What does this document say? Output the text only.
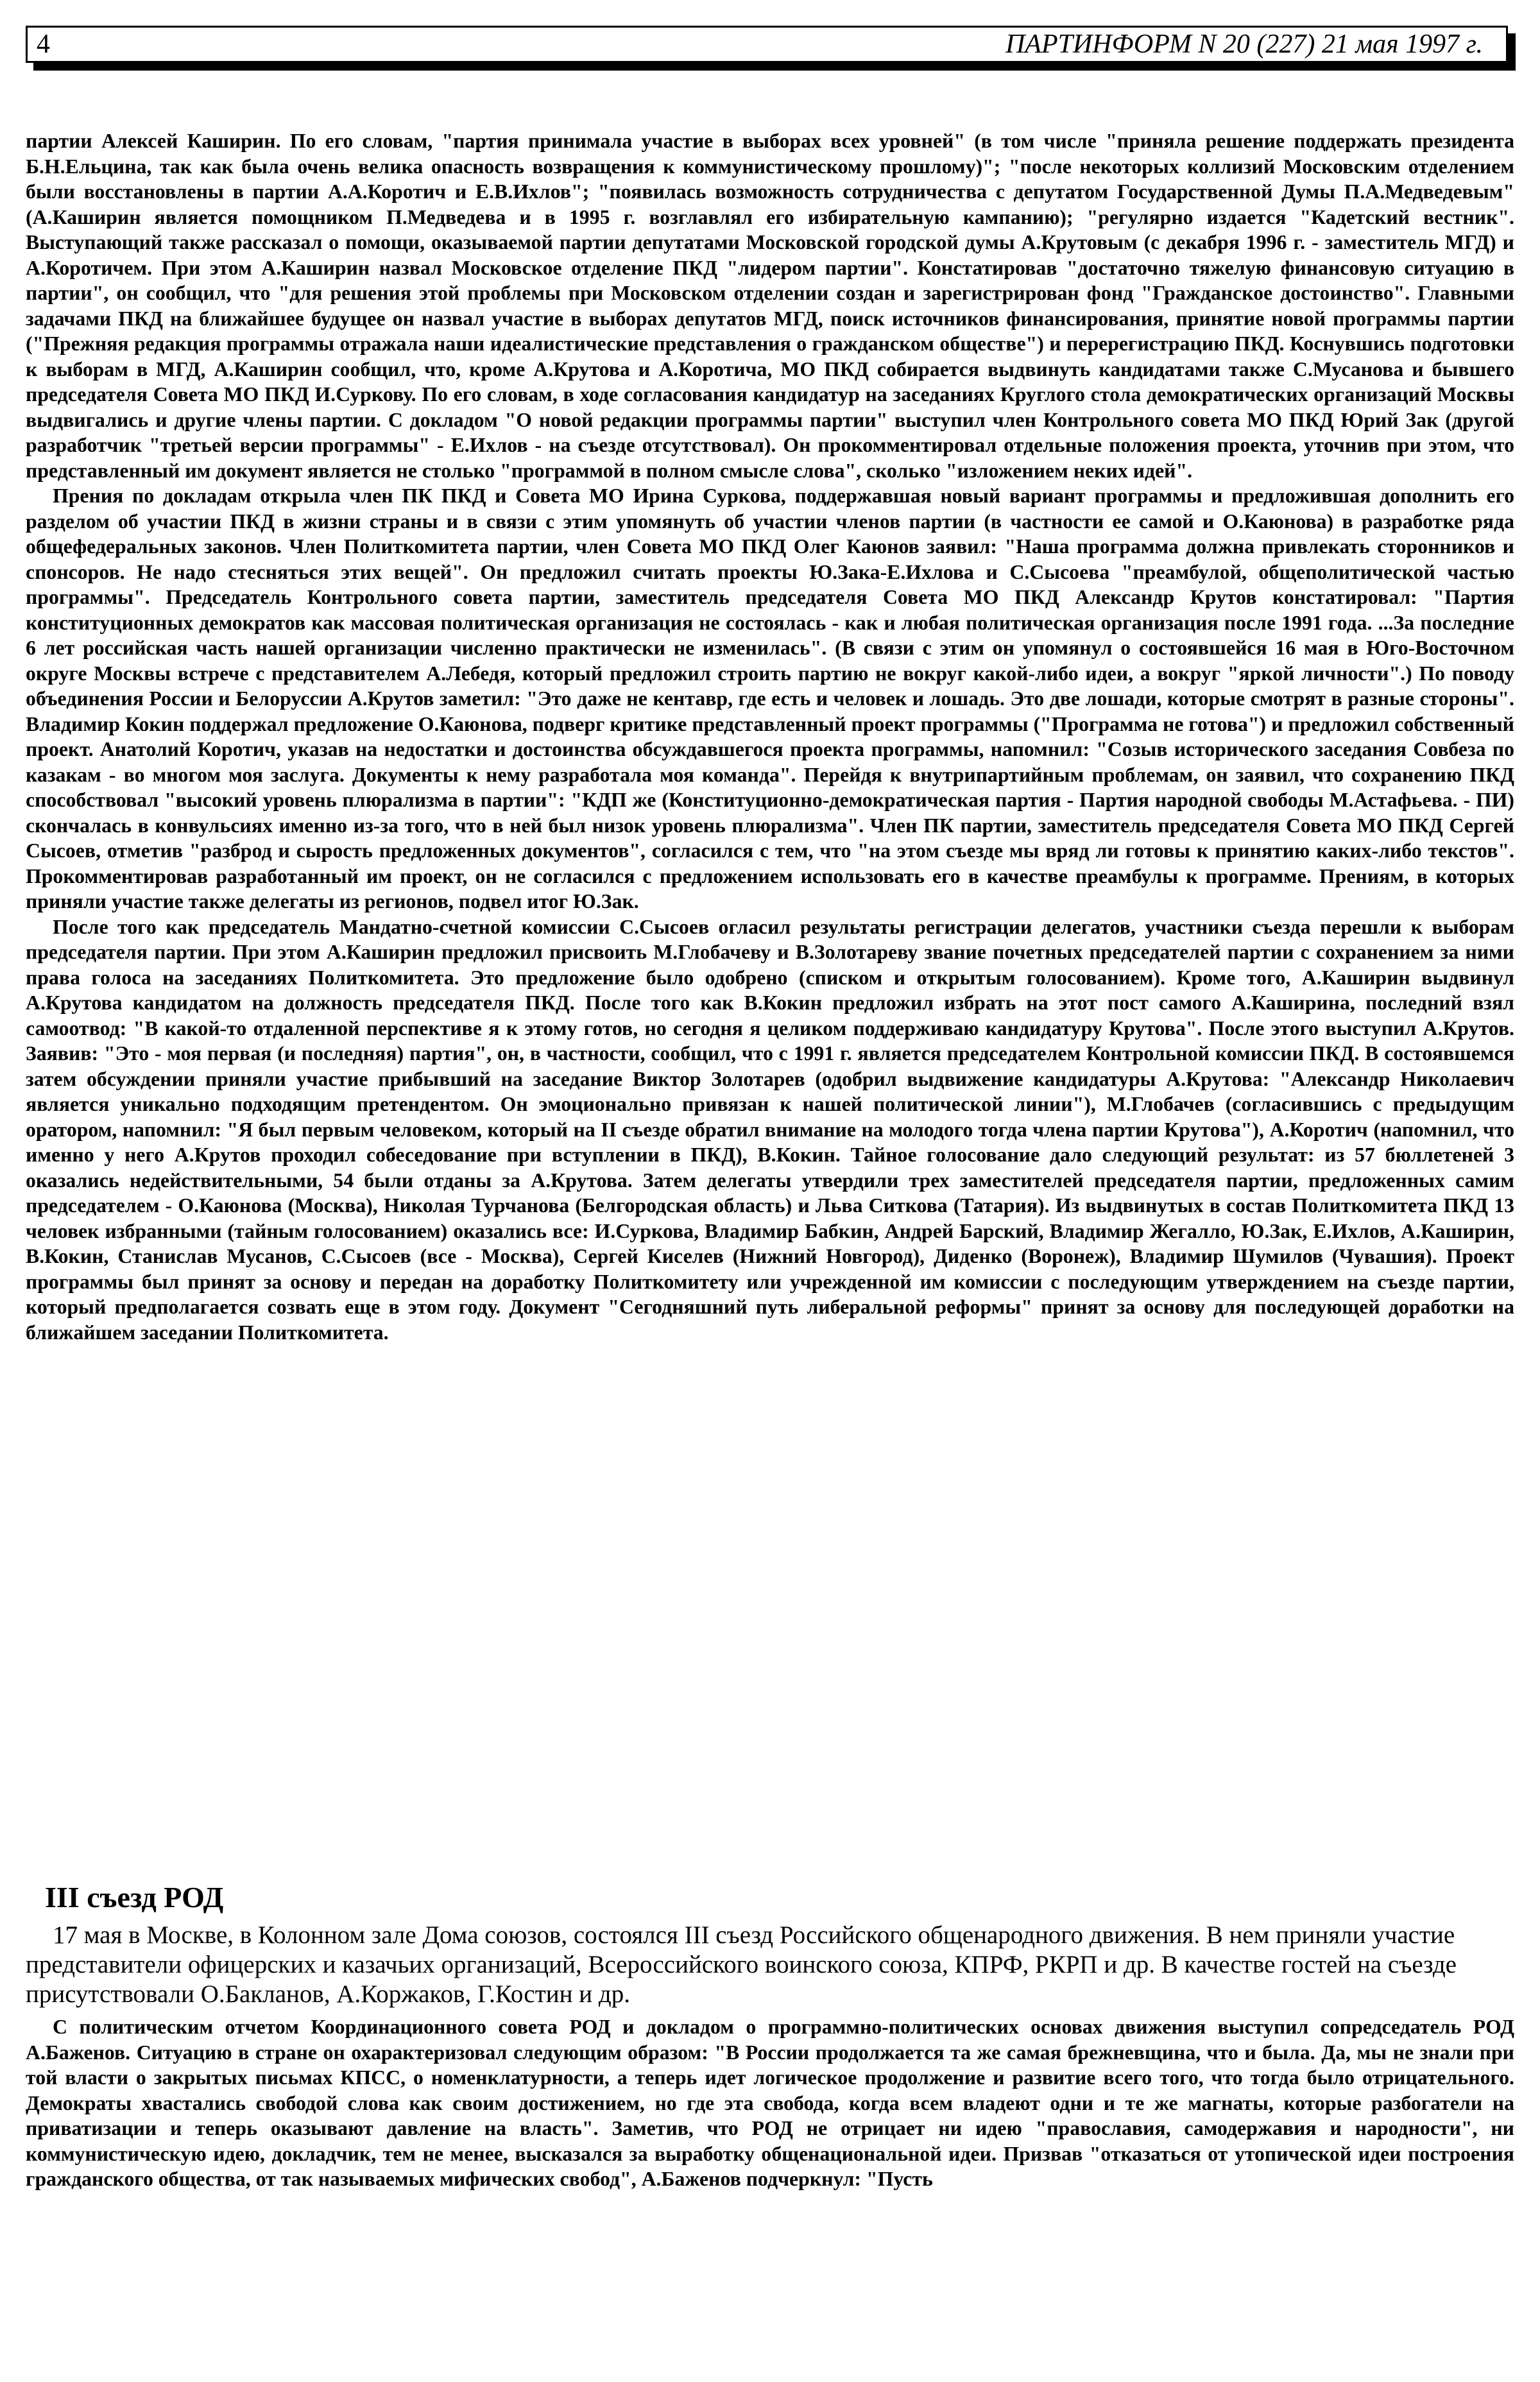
4	ПАРТИНФОРМ N 20 (227) 21 мая 1997 г.

партии Алексей Каширин. По его словам, "партия принимала участие в выборах всех уровней" (в том числе "приняла решение поддержать президента Б.Н.Ельцина, так как была очень велика опасность возвращения к коммунистическому прошлому)"; "после некоторых коллизий Московским отделением были восстановлены в партии А.А.Коротич и Е.В.Ихлов"; "появилась возможность сотрудничества с депутатом Государственной Думы П.А.Медведевым" (А.Каширин является помощником П.Медведева и в 1995 г. возглавлял его избирательную кампанию); "регулярно издается "Кадетский вестник". Выступающий также рассказал о помощи, оказываемой партии депутатами Московской городской думы А.Крутовым (с декабря 1996 г. - заместитель МГД) и А.Коротичем. При этом А.Каширин назвал Московское отделение ПКД "лидером партии". Констатировав "достаточно тяжелую финансовую ситуацию в партии", он сообщил, что "для решения этой проблемы при Московском отделении создан и зарегистрирован фонд "Гражданское достоинство". Главными задачами ПКД на ближайшее будущее он назвал участие в выборах депутатов МГД, поиск источников финансирования, принятие новой программы партии ("Прежняя редакция программы отражала наши идеалистические представления о гражданском обществе") и перерегистрацию ПКД. Коснувшись подготовки к выборам в МГД, А.Каширин сообщил, что, кроме А.Крутова и А.Коротича, МО ПКД собирается выдвинуть кандидатами также С.Мусанова и бывшего председателя Совета МО ПКД И.Суркову. По его словам, в ходе согласования кандидатур на заседаниях Круглого стола демократических организаций Москвы выдвигались и другие члены партии. С докладом "О новой редакции программы партии" выступил член Контрольного совета МО ПКД Юрий Зак (другой разработчик "третьей версии программы" - Е.Ихлов - на съезде отсутствовал). Он прокомментировал отдельные положения проекта, уточнив при этом, что представленный им документ является не столько "программой в полном смысле слова", сколько "изложением неких идей".

Прения по докладам открыла член ПК ПКД и Совета МО Ирина Суркова, поддержавшая новый вариант программы и предложившая дополнить его разделом об участии ПКД в жизни страны и в связи с этим упомянуть об участии членов партии (в частности ее самой и О.Каюнова) в разработке ряда общефедеральных законов. Член Политкомитета партии, член Совета МО ПКД Олег Каюнов заявил: "Наша программа должна привлекать сторонников и спонсоров. Не надо стесняться этих вещей". Он предложил считать проекты Ю.Зака-Е.Ихлова и С.Сысоева "преамбулой, общеполитической частью программы". Председатель Контрольного совета партии, заместитель председателя Совета МО ПКД Александр Крутов констатировал: "Партия конституционных демократов как массовая политическая организация не состоялась - как и любая политическая организация после 1991 года. ...За последние 6 лет российская часть нашей организации численно практически не изменилась". (В связи с этим он упомянул о состоявшейся 16 мая в Юго-Восточном округе Москвы встрече с представителем А.Лебедя, который предложил строить партию не вокруг какой-либо идеи, а вокруг "яркой личности".) По поводу объединения России и Белоруссии А.Крутов заметил: "Это даже не кентавр, где есть и человек и лошадь. Это две лошади, которые смотрят в разные стороны". Владимир Кокин поддержал предложение О.Каюнова, подверг критике представленный проект программы ("Программа не готова") и предложил собственный проект. Анатолий Коротич, указав на недостатки и достоинства обсуждавшегося проекта программы, напомнил: "Созыв исторического заседания Совбеза по казакам - во многом моя заслуга. Документы к нему разработала моя команда". Перейдя к внутрипартийным проблемам, он заявил, что сохранению ПКД способствовал "высокий уровень плюрализма в партии": "КДП же (Конституционно-демократическая партия - Партия народной свободы М.Астафьева. - ПИ) скончалась в конвульсиях именно из-за того, что в ней был низок уровень плюрализма". Член ПК партии, заместитель председателя Совета МО ПКД Сергей Сысоев, отметив "разброд и сырость предложенных документов", согласился с тем, что "на этом съезде мы вряд ли готовы к принятию каких-либо текстов". Прокомментировав разработанный им проект, он не согласился с предложением использовать его в качестве преамбулы к программе. Прениям, в которых приняли участие также делегаты из регионов, подвел итог Ю.Зак.

После того как председатель Мандатно-счетной комиссии С.Сысоев огласил результаты регистрации делегатов, участники съезда перешли к выборам председателя партии. При этом А.Каширин предложил присвоить М.Глобачеву и В.Золотареву звание почетных председателей партии с сохранением за ними права голоса на заседаниях Политкомитета. Это предложение было одобрено (списком и открытым голосованием). Кроме того, А.Каширин выдвинул А.Крутова кандидатом на должность председателя ПКД. После того как В.Кокин предложил избрать на этот пост самого А.Каширина, последний взял самоотвод: "В какой-то отдаленной перспективе я к этому готов, но сегодня я целиком поддерживаю кандидатуру Крутова". После этого выступил А.Крутов. Заявив: "Это - моя первая (и последняя) партия", он, в частности, сообщил, что с 1991 г. является председателем Контрольной комиссии ПКД. В состоявшемся затем обсуждении приняли участие прибывший на заседание Виктор Золотарев (одобрил выдвижение кандидатуры А.Крутова: "Александр Николаевич является уникально подходящим претендентом. Он эмоционально привязан к нашей политической линии"), М.Глобачев (согласившись с предыдущим оратором, напомнил: "Я был первым человеком, который на II съезде обратил внимание на молодого тогда члена партии Крутова"), А.Коротич (напомнил, что именно у него А.Крутов проходил собеседование при вступлении в ПКД), В.Кокин. Тайное голосование дало следующий результат: из 57 бюллетеней 3 оказались недействительными, 54 были отданы за А.Крутова. Затем делегаты утвердили трех заместителей председателя партии, предложенных самим председателем - О.Каюнова (Москва), Николая Турчанова (Белгородская область) и Льва Ситкова (Татария). Из выдвинутых в состав Политкомитета ПКД 13 человек избранными (тайным голосованием) оказались все: И.Суркова, Владимир Бабкин, Андрей Барский, Владимир Жегалло, Ю.Зак, Е.Ихлов, А.Каширин, В.Кокин, Станислав Мусанов, С.Сысоев (все - Москва), Сергей Киселев (Нижний Новгород), Диденко (Воронеж), Владимир Шумилов (Чувашия). Проект программы был принят за основу и передан на доработку Политкомитету или учрежденной им комиссии с последующим утверждением на съезде партии, который предполагается созвать еще в этом году. Документ "Сегодняшний путь либеральной реформы" принят за основу для последующей доработки на ближайшем заседании Политкомитета.

III съезд РОД

17 мая в Москве, в Колонном зале Дома союзов, состоялся III съезд Российского общенародного движения. В нем приняли участие представители офицерских и казачьих организаций, Всероссийского воинского союза, КПРФ, РКРП и др. В качестве гостей на съезде присутствовали О.Бакланов, А.Коржаков, Г.Костин и др.

С политическим отчетом Координационного совета РОД и докладом о программно-политических основах движения выступил сопредседатель РОД А.Баженов. Ситуацию в стране он охарактеризовал следующим образом: "В России продолжается та же самая брежневщина, что и была. Да, мы не знали при той власти о закрытых письмах КПСС, о номенклатурности, а теперь идет логическое продолжение и развитие всего того, что тогда было отрицательного. Демократы хвастались свободой слова как своим достижением, но где эта свобода, когда всем владеют одни и те же магнаты, которые разбогатели на приватизации и теперь оказывают давление на власть". Заметив, что РОД не отрицает ни идею "православия, самодержавия и народности", ни коммунистическую идею, докладчик, тем не менее, высказался за выработку общенациональной идеи. Призвав "отказаться от утопической идеи построения гражданского общества, от так называемых мифических свобод", А.Баженов подчеркнул: "Пусть
